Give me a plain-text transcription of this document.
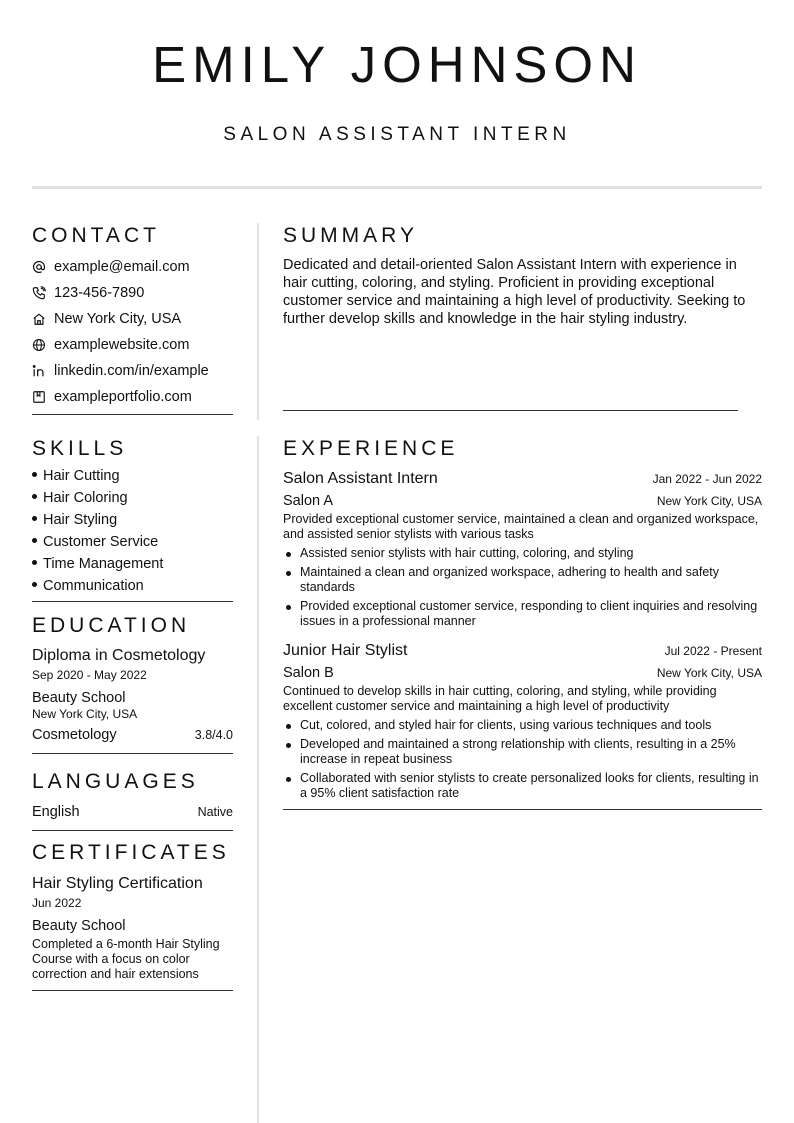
EMILY JOHNSON
SALON ASSISTANT INTERN
CONTACT
example@email.com
123-456-7890
New York City, USA
examplewebsite.com
linkedin.com/in/example
exampleportfolio.com
SKILLS
Hair Cutting
Hair Coloring
Hair Styling
Customer Service
Time Management
Communication
EDUCATION
Diploma in Cosmetology
Sep 2020 - May 2022
Beauty School
New York City, USA
Cosmetology	3.8/4.0
LANGUAGES
English	Native
CERTIFICATES
Hair Styling Certification
Jun 2022
Beauty School
Completed a 6-month Hair Styling Course with a focus on color correction and hair extensions
SUMMARY
Dedicated and detail-oriented Salon Assistant Intern with experience in hair cutting, coloring, and styling. Proficient in providing exceptional customer service and maintaining a high level of productivity. Seeking to further develop skills and knowledge in the hair styling industry.
EXPERIENCE
Salon Assistant Intern	Jan 2022 - Jun 2022
Salon A	New York City, USA
Provided exceptional customer service, maintained a clean and organized workspace, and assisted senior stylists with various tasks
Assisted senior stylists with hair cutting, coloring, and styling
Maintained a clean and organized workspace, adhering to health and safety standards
Provided exceptional customer service, responding to client inquiries and resolving issues in a professional manner
Junior Hair Stylist	Jul 2022 - Present
Salon B	New York City, USA
Continued to develop skills in hair cutting, coloring, and styling, while providing excellent customer service and maintaining a high level of productivity
Cut, colored, and styled hair for clients, using various techniques and tools
Developed and maintained a strong relationship with clients, resulting in a 25% increase in repeat business
Collaborated with senior stylists to create personalized looks for clients, resulting in a 95% client satisfaction rate
